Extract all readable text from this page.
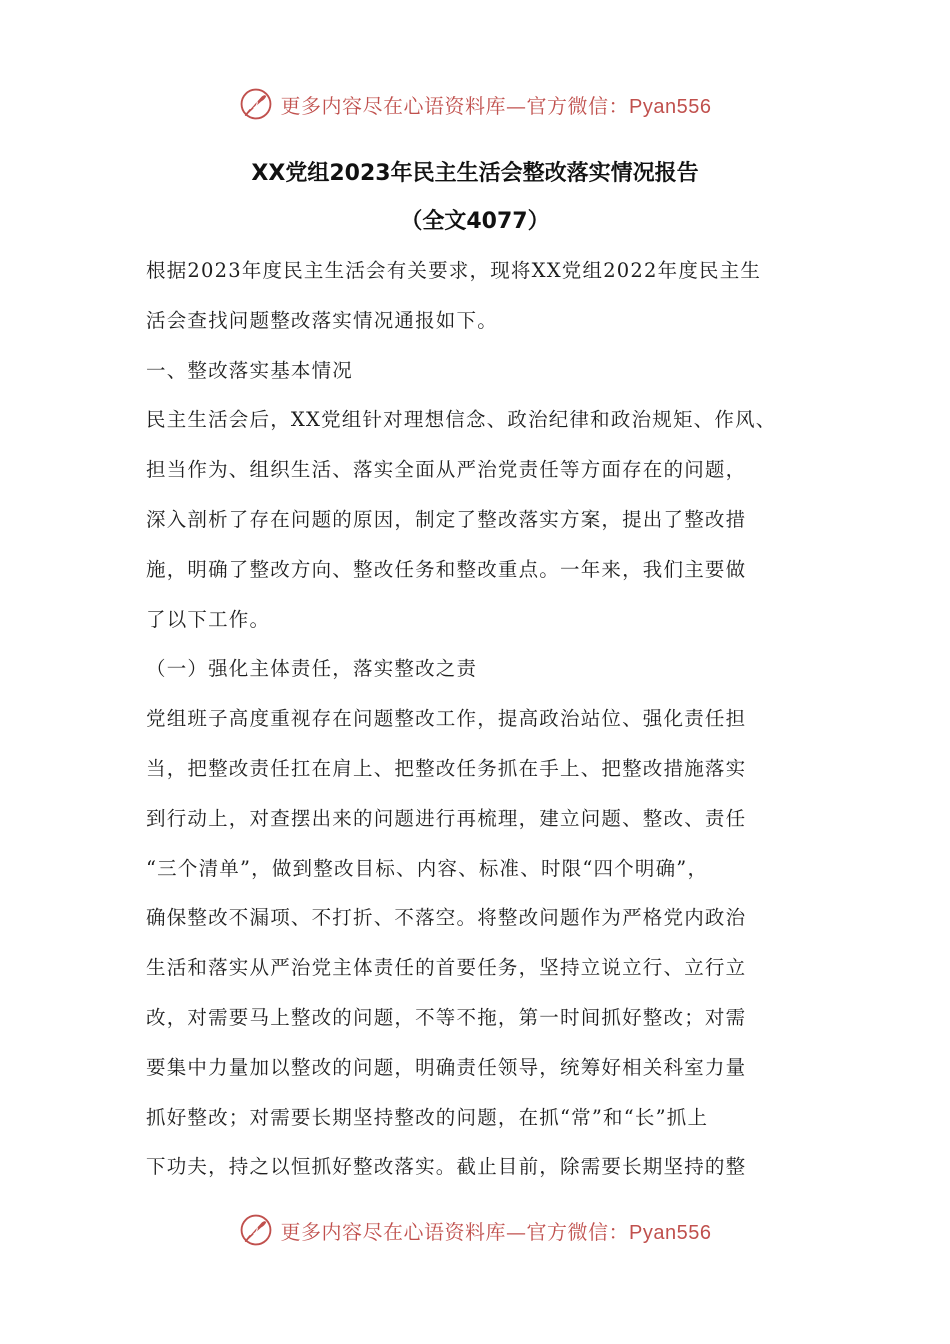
更多内容尽在心语资料库—官方微信：Pyan556
XX党组2023年民主生活会整改落实情况报告
（全文4077）
根据2023年度民主生活会有关要求，现将XX党组2022年度民主生
活会查找问题整改落实情况通报如下。
一、整改落实基本情况
民主生活会后，XX党组针对理想信念、政治纪律和政治规矩、作风、
担当作为、组织生活、落实全面从严治党责任等方面存在的问题，
深入剖析了存在问题的原因，制定了整改落实方案，提出了整改措
施，明确了整改方向、整改任务和整改重点。一年来，我们主要做
了以下工作。
（一）强化主体责任，落实整改之责
党组班子高度重视存在问题整改工作，提高政治站位、强化责任担
当，把整改责任扛在肩上、把整改任务抓在手上、把整改措施落实
到行动上，对查摆出来的问题进行再梳理，建立问题、整改、责任
“三个清单”，做到整改目标、内容、标准、时限“四个明确”，
确保整改不漏项、不打折、不落空。将整改问题作为严格党内政治
生活和落实从严治党主体责任的首要任务，坚持立说立行、立行立
改，对需要马上整改的问题，不等不拖，第一时间抓好整改；对需
要集中力量加以整改的问题，明确责任领导，统筹好相关科室力量
抓好整改；对需要长期坚持整改的问题，在抓“常”和“长”抓上
下功夫，持之以恒抓好整改落实。截止目前，除需要长期坚持的整
更多内容尽在心语资料库—官方微信：Pyan556
